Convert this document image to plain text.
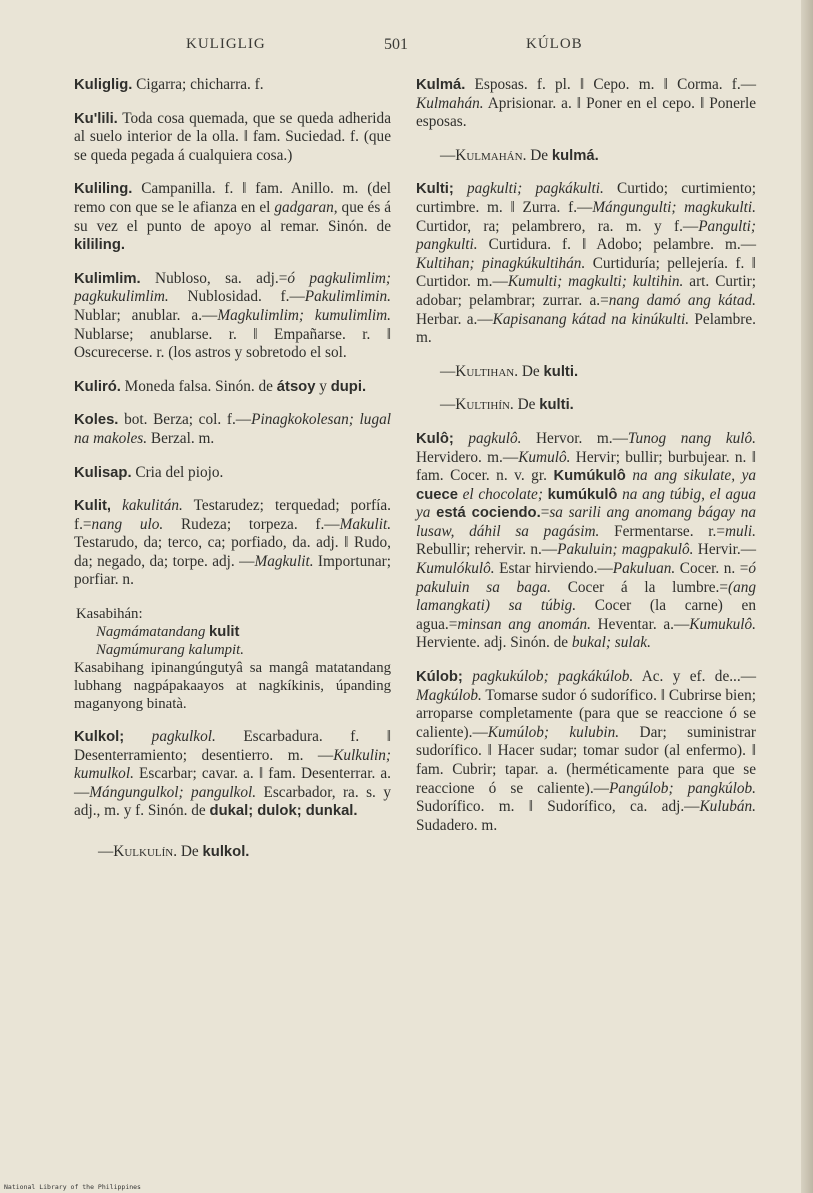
KULIGLIG	501	KÚLOB

Kuliglig. Cigarra; chicharra. f.

Ku'lili. Toda cosa quemada, que se queda adherida al suelo interior de la olla. ‖ fam. Suciedad. f. (que se queda pegada á cualquiera cosa.)

Kuliling. Campanilla. f. ‖ fam. Anillo. m. (del remo con que se le afianza en el gadgaran, que és á su vez el punto de apoyo al remar. Sinón. de kililing.

Kulimlim. Nubloso, sa. adj.=ó pagkulimlim; pagkukulimlim. Nublosidad. f.—Pakulimlimin. Nublar; anublar. a.—Magkulimlim; kumulimlim. Nublarse; anublarse. r. ‖ Empañarse. r. ‖ Oscurecerse. r. (los astros y sobretodo el sol.

Kuliró. Moneda falsa. Sinón. de átsoy y dupi.

Koles. bot. Berza; col. f.—Pinagkokolesan; lugal na makoles. Berzal. m.

Kulisap. Cria del piojo.

Kulit, kakulitán. Testarudez; terquedad; porfía. f.=nang ulo. Rudeza; torpeza. f.—Makulit. Testarudo, da; terco, ca; porfiado, da. adj. ‖ Rudo, da; negado, da; torpe. adj. —Magkulit. Importunar; porfiar. n.

Kasabihán:
Nagmámatandang kulit
Nagmúmurang kalumpit.
Kasabihang ipinangúngutyâ sa mangâ matatandang lubhang nagpápakaayos at nagkíkinis, úpanding maganyong binatà.

Kulkol; pagkulkol. Escarbadura. f. ‖ Desenterramiento; desentierro. m. —Kulkulin; kumulkol. Escarbar; cavar. a. ‖ fam. Desenterrar. a.—Mángungulkol; pangulkol. Escarbador, ra. s. y adj., m. y f. Sinón. de dukal; dulok; dunkal.

—Kulkulín. De kulkol.

Kulmá. Esposas. f. pl. ‖ Cepo. m. ‖ Corma. f.—Kulmahán. Aprisionar. a. ‖ Poner en el cepo. ‖ Ponerle esposas.

—Kulmahán. De kulmá.

Kulti; pagkulti; pagkákulti. Curtido; curtimiento; curtimbre. m. ‖ Zurra. f.—Mángungulti; magkukulti. Curtidor, ra; pelambrero, ra. m. y f.—Pangulti; pangkulti. Curtidura. f. ‖ Adobo; pelambre. m.—Kultihan; pinagkúkultihán. Curtiduría; pellejería. f. ‖ Curtidor. m.—Kumulti; magkulti; kultihin. art. Curtir; adobar; pelambrar; zurrar. a.=nang damó ang kátad. Herbar. a.—Kapisanang kátad na kinúkulti. Pelambre. m.

—Kultihan. De kulti.

—Kultihín. De kulti.

Kulô; pagkulô. Hervor. m.—Tunog nang kulô. Hervidero. m.—Kumulô. Hervir; bullir; burbujear. n. ‖ fam. Cocer. n. v. gr. Kumúkulô na ang sikulate, ya cuece el chocolate; kumúkulô na ang túbig, el agua ya está cociendo.=sa sarili ang anomang bágay na lusaw, dáhil sa pagásim. Fermentarse. r.=muli. Rebullir; rehervir. n.—Pakuluin; magpakulô. Hervir.—Kumulókulô. Estar hirviendo.—Pakuluan. Cocer. n. =ó pakuluin sa baga. Cocer á la lumbre.=(ang lamangkati) sa túbig. Cocer (la carne) en agua.=minsan ang anomán. Heventar. a.—Kumukulô. Herviente. adj. Sinón. de bukal; sulak.

Kúlob; pagkukúlob; pagkákúlob. Ac. y ef. de...—Magkúlob. Tomarse sudor ó sudorífico. ‖ Cubrirse bien; arroparse completamente (para que se reaccione ó se caliente).—Kumúlob; kulubin. Dar; suministrar sudorífico. ‖ Hacer sudar; tomar sudor (al enfermo). ‖ fam. Cubrir; tapar. a. (herméticamente para que se reaccione ó se caliente).—Pangúlob; pangkúlob. Sudorífico. m. ‖ Sudorífico, ca. adj.—Kulubán. Sudadero. m.

National Library of the Philippines
